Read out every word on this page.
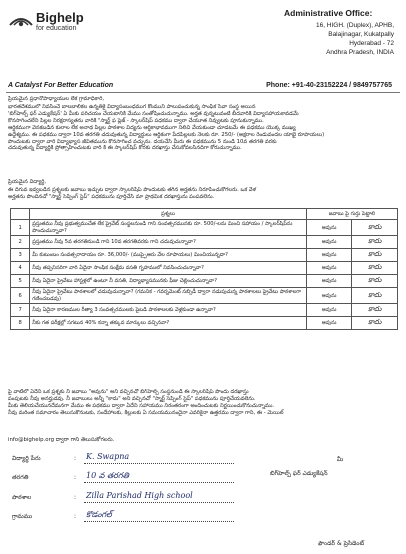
Bighelp
for education
Administrative Office:
16, HIGH. (Duplex), APHB,
Balajinagar, Kukatpally
Hyderabad - 72
Andhra Pradesh, INDIA
A Catalyst For Better Education	Phone: +91-40-23152224 / 9849757765
ప్రియమైన ప్రధానోపాధ్యాయుల లేక గ్రామాధికారి,
భారతదేశములో నివసించే బాలబాలికల ఉన్నతికై విద్యాసంబంధముగ కొంముని పాలుపంచుకున్న సాంఫిక సేవా సంస్థ అయిన
'బిగ్‌హెల్ప్ ఫర్ ఎడ్యుకేషన్' ఏ మీకు పరిచయం చేయటానికి మేము సంతోషించుచున్నాము. అర్హత వున్నటువంటి బీదవారికి విద్యాసహాయకావడమే
కొనసాగించలేని పిల్లల నిరక్షరాస్యతను వారికి "స్మార్ట్ ఫ ప్లెజ్ - స్కాలర్‌షిప్ పధకము ద్వారా చేయూత నివ్వుటకు పూనుకున్నాము.
ఆర్థికముగా వెనకబడిన కులాల లేక అనాథ పిల్లల పాఠశాల విద్యను ఆర్థికాభావముగా నిలిచి వేయకుండా చూడటమే ఈ పధకము యొక్క ముఖ్య
ఉద్దేశ్యము. ఈ పధకము ద్వారా 10వ తరగతి చదువుతున్న విద్యార్థులు ఆర్థికంగా పేదపిల్లలకు నెలకు రూ. 250/- (అక్షరాల రెండువందల యాభై రూపాయలు)
పొందుటకు ద్వారా వారి విద్యాభ్యాస జీవితమును కొనసాగించ వచ్చును. దయచేసి మీరు ఈ పధకమును 5 నుండి 10వ తరగతి వరకు
చదువుతున్న విద్యార్థికి ప్రోత్సాహించుటకు వారి కి ఈ స్కాలర్‌షిప్ కొరకు దరఖాస్తు చేసుకోవలసినదిగా కోరుచున్నాము.
ప్రియమైన విద్యార్థి,
ఈ దిగువ ఇవ్వబడిన ప్రశ్నలకు జవాబు ఇచ్చుట ద్వారా స్కాలర్‌షిప్ పొందుటకు తగిన అర్హతను నిరూపించుకోగలరు. ఒక వేళ
అర్హతను పొందినచో "స్మార్ట్ సెప్పింగ్ స్టెప్" పధకమును పూర్తిచేసి మా ప్రాథమిక దరఖాస్తును పంపవలెను.
	ప్రశ్నలు	జవాబు పై గుర్తు పెట్టాలి	
1	ప్రస్తుతము నీవు ప్రభుత్వముచేత లేక ప్రైవేట్ సంస్థలనుండి గాని సంవత్సరమునకు రూ. 500/-లను మించి సహాయం / స్కాలర్‌షిప్‌ను పొందుచున్నావా?	అవును	కాదు
2	ప్రస్తుతము నీవు 5వ తరగతినుండి గాని 10వ తరగతివరకు గాని చదువుచున్నావా?	అవును	కాదు
3	మీ కుటుంబం సంవత్సరాదాయం రూ. 36,000/- (ముప్పైఆరు వేల రూపాయలు) మించియున్నదా?	అవును	కాదు
4	నీవు తప్పనిసరిగా వారి ఏదైనా సాంఫిక సంక్షేమ వసతి గృహములో నివసించుచున్నావా?	అవును	కాదు
5	నీవు ఏదైనా ప్రైవేటు హాస్టళ్లలో ఉంటూ నీ వసతి, విద్యాభ్యాసమునకు ఫీజు చెల్లించుచున్నావా?	అవును	కాదు
6	నీవు ఏదైనా ప్రైవేటు పాఠశాలలో చదువుచున్నావా? (గమనిక - గవర్నమెంట్ సబ్సిడీ ద్వారా నడుపుచున్న పాఠశాలలు ప్రైవేటు పాఠశాలగా గణించబడవు)	అవును	కాదు
7	నీవు ఏదైనా కారణముల రీత్యా 3 సంవత్సరములకు పైబడి పాఠశాలలకు వెళ్లకుండా ఉన్నావా?	అవును	కాదు
8	నీకు గత పరీక్షల్లో సగటున 40% కన్నా తక్కువ మార్కులు వచ్చినవా?	అవును	కాదు
పై వాటిలో ఏదేని ఒక ప్రశ్నకు నీ జవాబు "అవును" అని వచ్చినచో బిగ్‌హెల్ప్ సంస్థనుండి ఈ స్కాలర్‌షిప్ పొందు దరఖాస్తు
పంపుటకు నీవు అనర్హుడవు. నీ జవాబులు అన్నీ "కాదు" అని వచ్చినచో "స్మార్ట్ సెప్పింగ్ స్టెప్" పధకమును పూర్తిచేయవలెను.
మీకు తెలియచేయునదేమనగా మేము ఈ పథకము ద్వారా ఏదేని సహాయము నిరంతరంగా అందించుటకు నిర్ణయించుకొనుచున్నాము.
నీవు మరింత సమాచారం తెలుసుకొనుటకు, సందేహాలకు, కిల్లులకు ఏ సమయమునందైనా ఎవరికైనా ఉత్తరము ద్వారా గాని, ఈ - మెయిల్
info@bighelp.org ద్వారా గాని తెలుసుకోగలరు.
విద్యార్థి పేరు	: K. Swapna
తరగతి	: 10 వ తరగతి
పాఠశాల	: Zilla Parishad High school
గ్రామము	: కొడంగల్
మీ
బిగ్‌హెల్ప్ ఫర్ ఎడ్యుకేషన్
ఫౌండర్ & ప్రెసిడెంట్
